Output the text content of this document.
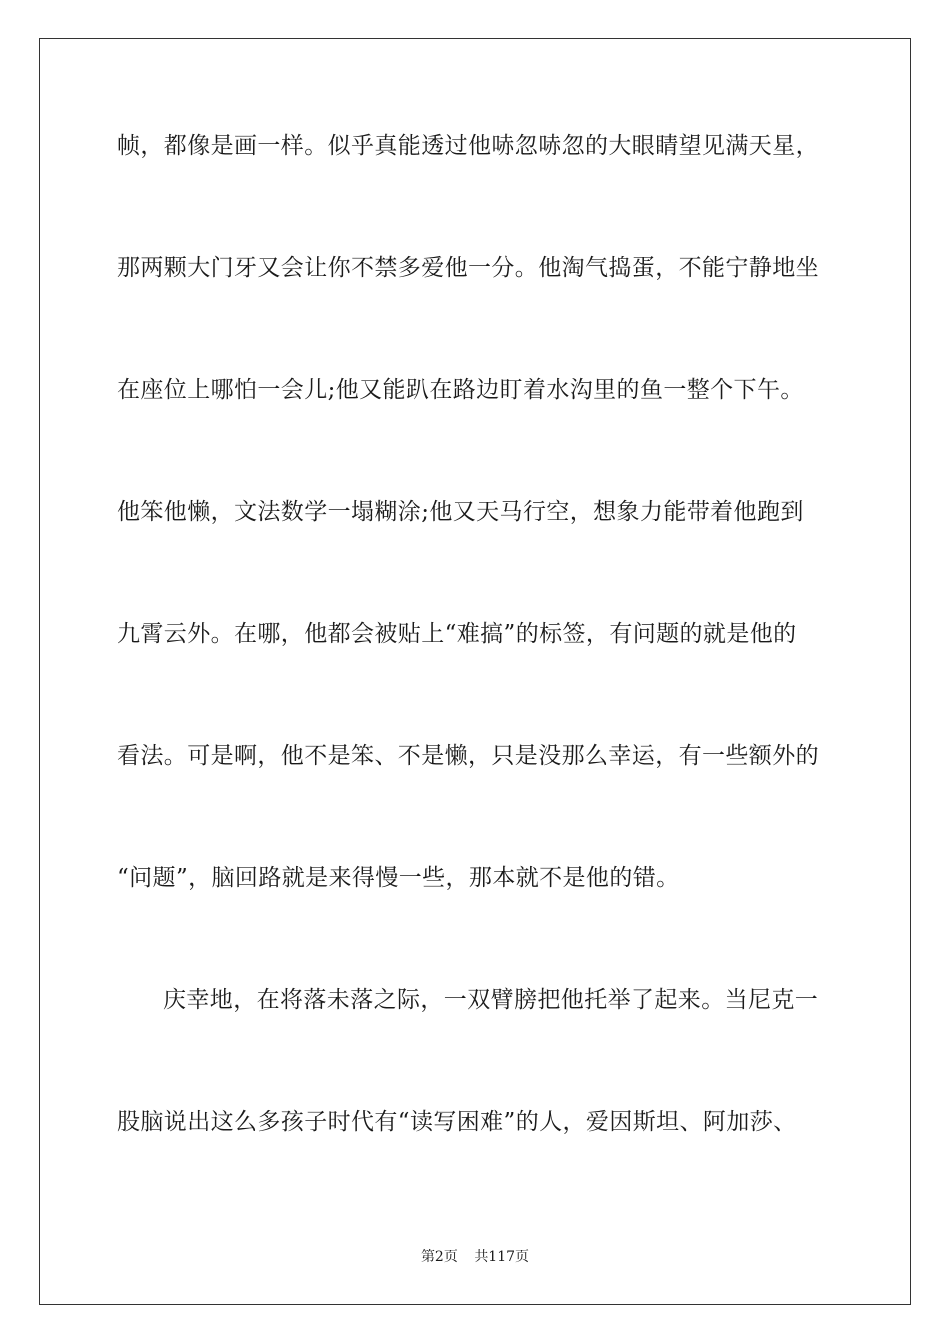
帧，都像是画一样。似乎真能透过他哧忽哧忽的大眼睛望见满天星，
那两颗大门牙又会让你不禁多爱他一分。他淘气捣蛋，不能宁静地坐
在座位上哪怕一会儿;他又能趴在路边盯着水沟里的鱼一整个下午。
他笨他懒，文法数学一塌糊涂;他又天马行空，想象力能带着他跑到
九霄云外。在哪，他都会被贴上“难搞”的标签，有问题的就是他的
看法。可是啊，他不是笨、不是懒，只是没那么幸运，有一些额外的
“问题”，脑回路就是来得慢一些，那本就不是他的错。
庆幸地，在将落未落之际，一双臂膀把他托举了起来。当尼克一
股脑说出这么多孩子时代有“读写困难”的人，爱因斯坦、阿加莎、
第2页 共117页
